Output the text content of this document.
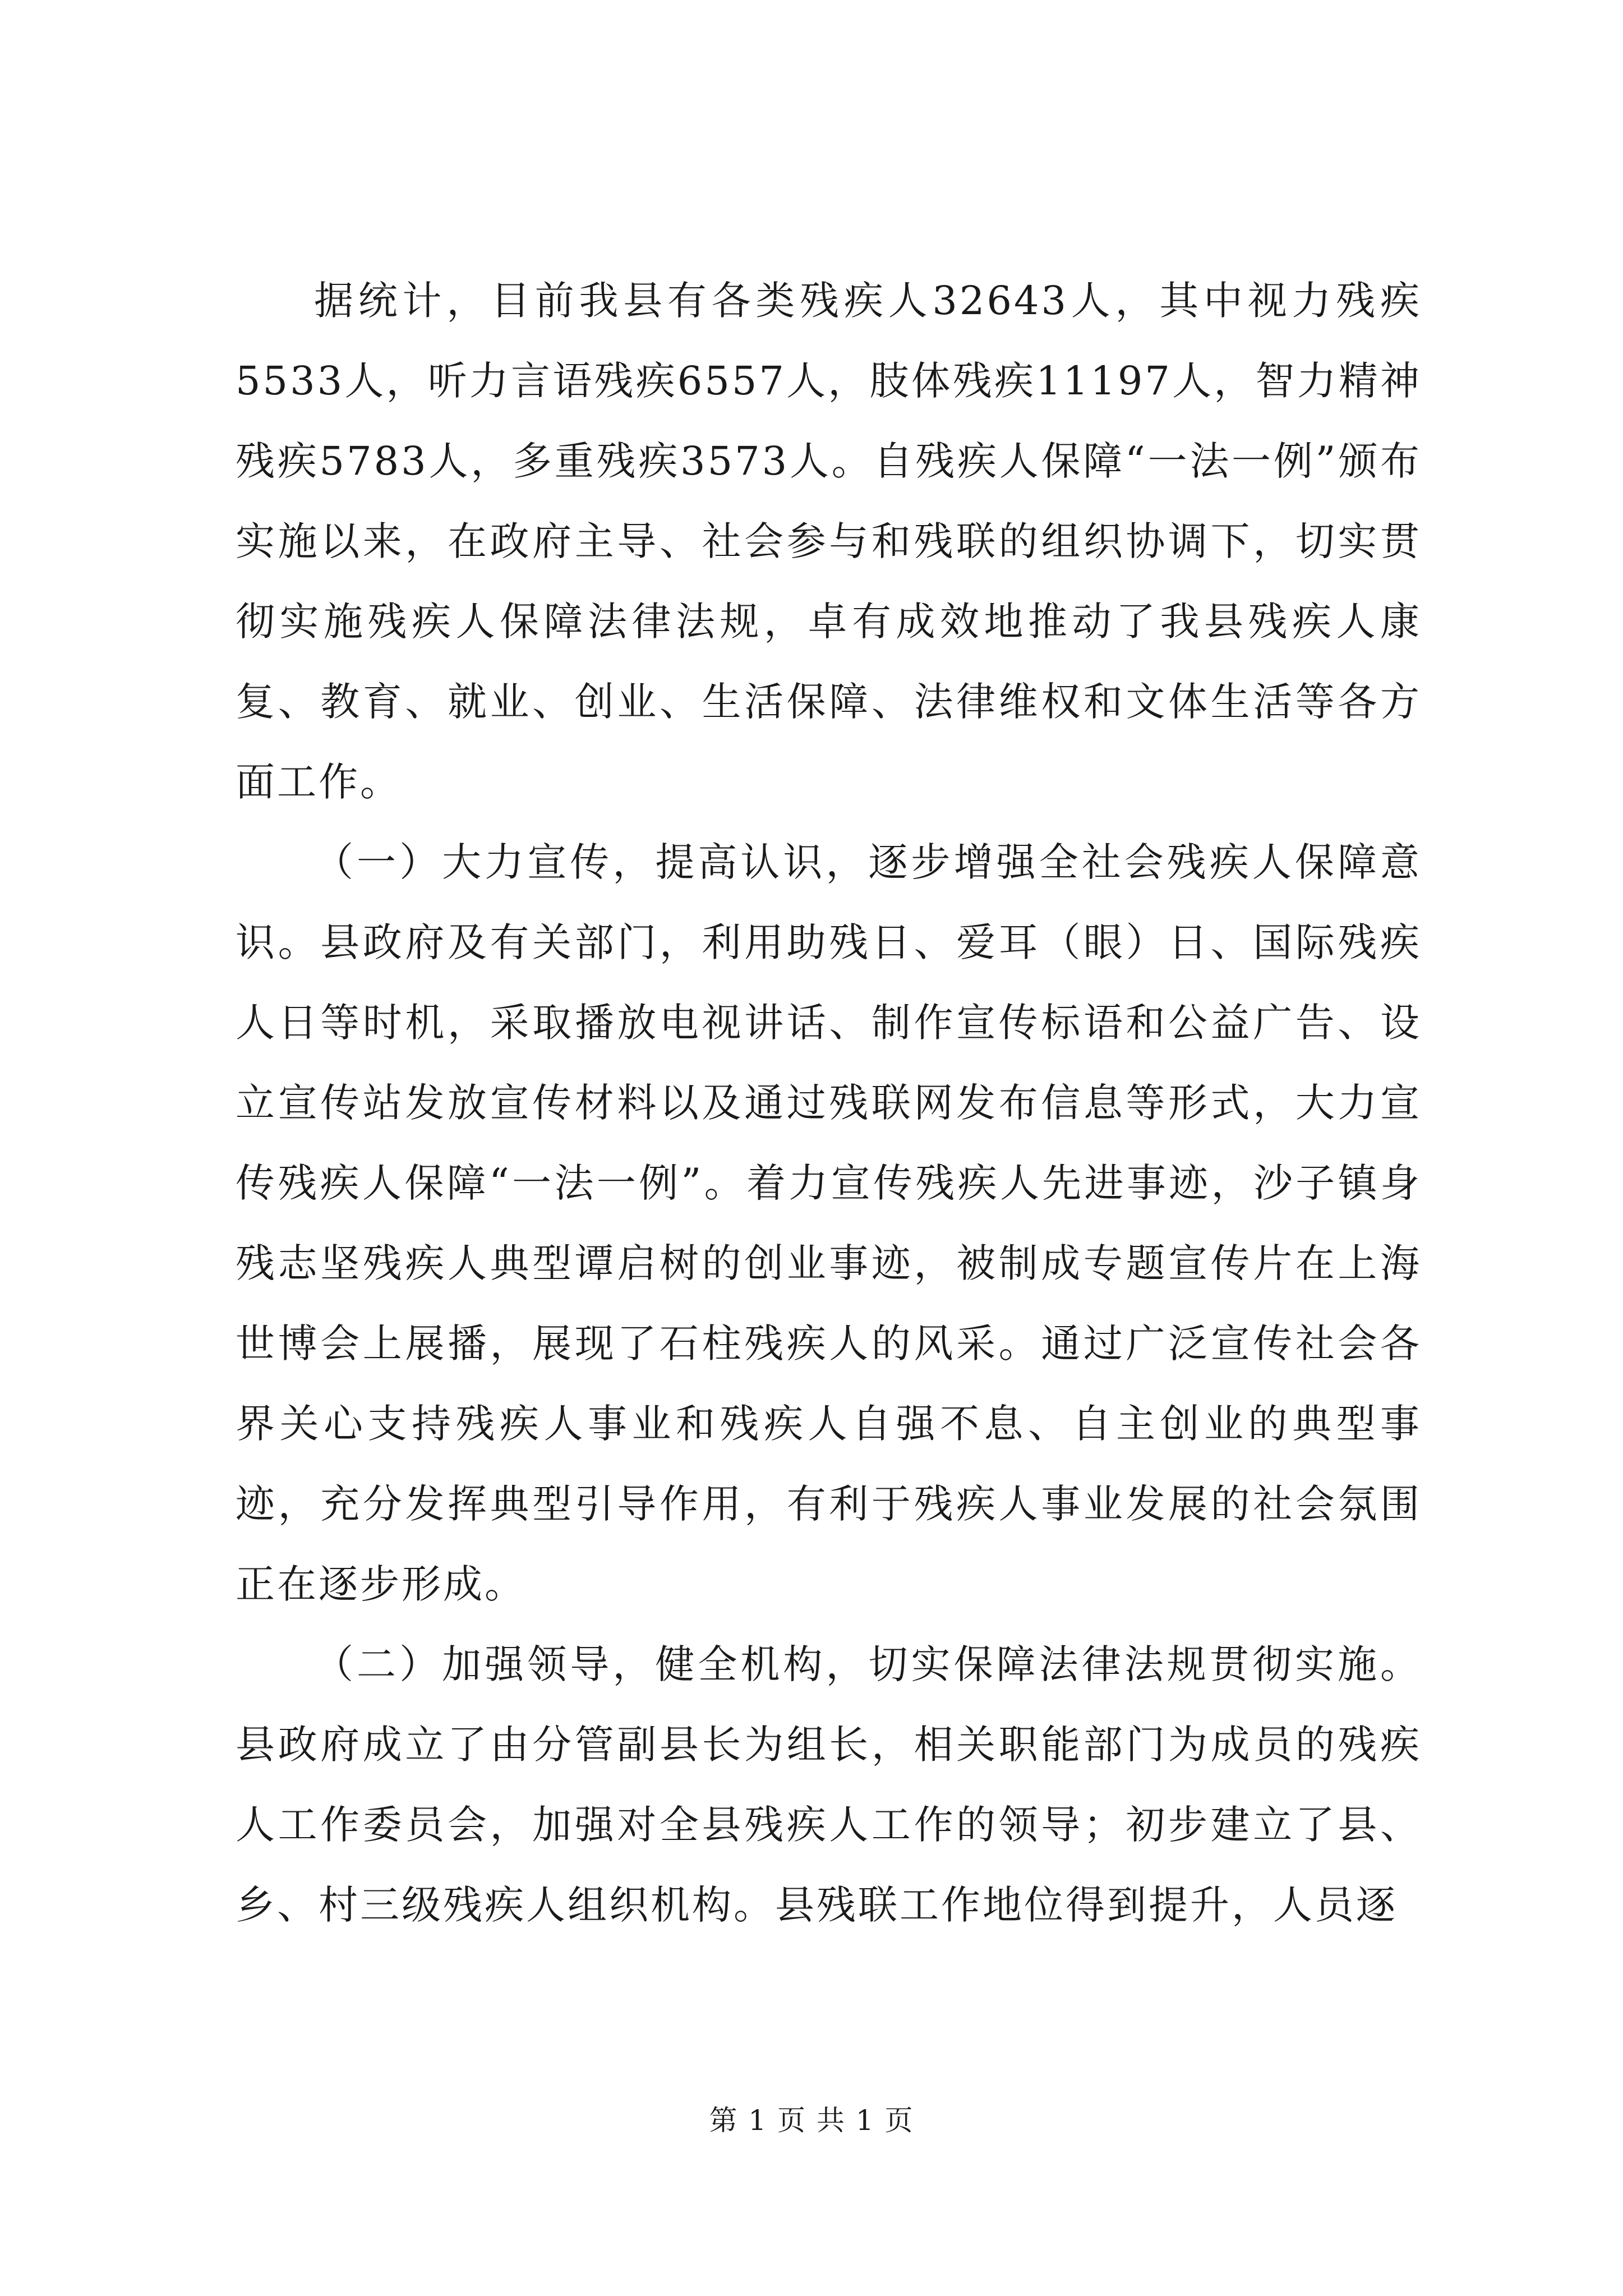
据统计，目前我县有各类残疾人32643人，其中视力残疾5533人，听力言语残疾6557人，肢体残疾11197人，智力精神残疾5783人，多重残疾3573人。自残疾人保障“一法一例”颁布实施以来，在政府主导、社会参与和残联的组织协调下，切实贯彻实施残疾人保障法律法规，卓有成效地推动了我县残疾人康复、教育、就业、创业、生活保障、法律维权和文体生活等各方面工作。

（一）大力宣传，提高认识，逐步增强全社会残疾人保障意识。县政府及有关部门，利用助残日、爱耳（眼）日、国际残疾人日等时机，采取播放电视讲话、制作宣传标语和公益广告、设立宣传站发放宣传材料以及通过残联网发布信息等形式，大力宣传残疾人保障“一法一例”。着力宣传残疾人先进事迹，沙子镇身残志坚残疾人典型谭启树的创业事迹，被制成专题宣传片在上海世博会上展播，展现了石柱残疾人的风采。通过广泛宣传社会各界关心支持残疾人事业和残疾人自强不息、自主创业的典型事迹，充分发挥典型引导作用，有利于残疾人事业发展的社会氛围正在逐步形成。

（二）加强领导，健全机构，切实保障法律法规贯彻实施。县政府成立了由分管副县长为组长，相关职能部门为成员的残疾人工作委员会，加强对全县残疾人工作的领导；初步建立了县、乡、村三级残疾人组织机构。县残联工作地位得到提升，人员逐

第 1 页 共 1 页
